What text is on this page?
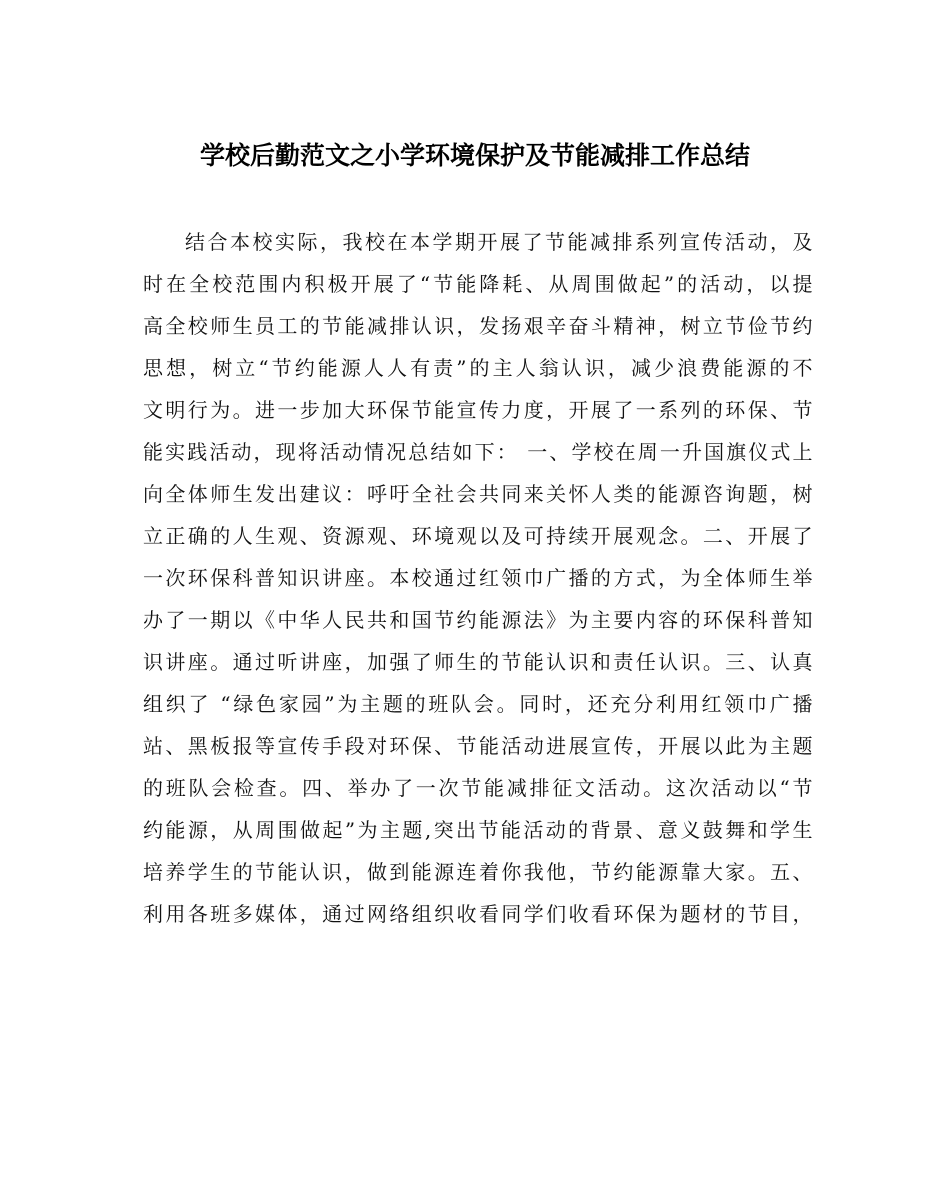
学校后勤范文之小学环境保护及节能减排工作总结
结合本校实际，我校在本学期开展了节能减排系列宣传活动，及
时在全校范围内积极开展了“节能降耗、从周围做起”的活动，以提
高全校师生员工的节能减排认识，发扬艰辛奋斗精神，树立节俭节约
思想，树立“节约能源人人有责”的主人翁认识，减少浪费能源的不
文明行为。进一步加大环保节能宣传力度，开展了一系列的环保、节
能实践活动，现将活动情况总结如下： 一、学校在周一升国旗仪式上
向全体师生发出建议：呼吁全社会共同来关怀人类的能源咨询题，树
立正确的人生观、资源观、环境观以及可持续开展观念。二、开展了
一次环保科普知识讲座。本校通过红领巾广播的方式，为全体师生举
办了一期以《中华人民共和国节约能源法》为主要内容的环保科普知
识讲座。通过听讲座，加强了师生的节能认识和责任认识。三、认真
组织了 “绿色家园”为主题的班队会。同时，还充分利用红领巾广播
站、黑板报等宣传手段对环保、节能活动进展宣传，开展以此为主题
的班队会检查。四、举办了一次节能减排征文活动。这次活动以“节
约能源，从周围做起”为主题,突出节能活动的背景、意义鼓舞和学生
培养学生的节能认识，做到能源连着你我他，节约能源靠大家。五、
利用各班多媒体，通过网络组织收看同学们收看环保为题材的节目，
